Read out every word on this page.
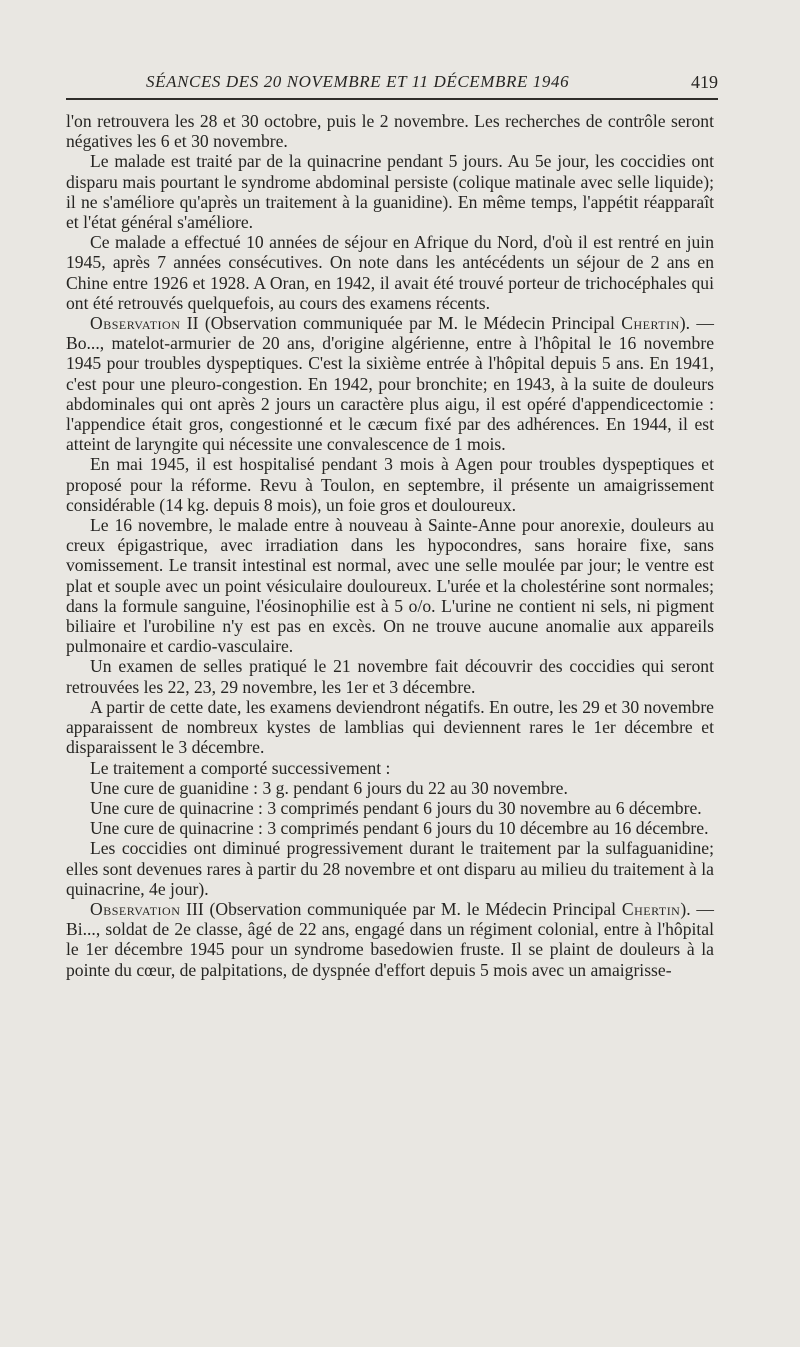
SÉANCES DES 20 NOVEMBRE ET 11 DÉCEMBRE 1946	419

l'on retrouvera les 28 et 30 octobre, puis le 2 novembre. Les recherches de contrôle seront négatives les 6 et 30 novembre.

Le malade est traité par de la quinacrine pendant 5 jours. Au 5e jour, les coccidies ont disparu mais pourtant le syndrome abdominal persiste (colique matinale avec selle liquide); il ne s'améliore qu'après un traitement à la guanidine). En même temps, l'appétit réapparaît et l'état général s'améliore.

Ce malade a effectué 10 années de séjour en Afrique du Nord, d'où il est rentré en juin 1945, après 7 années consécutives. On note dans les antécédents un séjour de 2 ans en Chine entre 1926 et 1928. A Oran, en 1942, il avait été trouvé porteur de trichocéphales qui ont été retrouvés quelquefois, au cours des examens récents.

Observation II (Observation communiquée par M. le Médecin Principal Chertin). — Bo..., matelot-armurier de 20 ans, d'origine algérienne, entre à l'hôpital le 16 novembre 1945 pour troubles dyspeptiques. C'est la sixième entrée à l'hôpital depuis 5 ans. En 1941, c'est pour une pleuro-congestion. En 1942, pour bronchite; en 1943, à la suite de douleurs abdominales qui ont après 2 jours un caractère plus aigu, il est opéré d'appendicectomie : l'appendice était gros, congestionné et le cæcum fixé par des adhérences. En 1944, il est atteint de laryngite qui nécessite une convalescence de 1 mois.

En mai 1945, il est hospitalisé pendant 3 mois à Agen pour troubles dyspeptiques et proposé pour la réforme. Revu à Toulon, en septembre, il présente un amaigrissement considérable (14 kg. depuis 8 mois), un foie gros et douloureux.

Le 16 novembre, le malade entre à nouveau à Sainte-Anne pour anorexie, douleurs au creux épigastrique, avec irradiation dans les hypocondres, sans horaire fixe, sans vomissement. Le transit intestinal est normal, avec une selle moulée par jour; le ventre est plat et souple avec un point vésiculaire douloureux. L'urée et la cholestérine sont normales; dans la formule sanguine, l'éosinophilie est à 5 o/o. L'urine ne contient ni sels, ni pigment biliaire et l'urobiline n'y est pas en excès. On ne trouve aucune anomalie aux appareils pulmonaire et cardio-vasculaire.

Un examen de selles pratiqué le 21 novembre fait découvrir des coccidies qui seront retrouvées les 22, 23, 29 novembre, les 1er et 3 décembre.

A partir de cette date, les examens deviendront négatifs. En outre, les 29 et 30 novembre apparaissent de nombreux kystes de lamblias qui deviennent rares le 1er décembre et disparaissent le 3 décembre.

Le traitement a comporté successivement :

Une cure de guanidine : 3 g. pendant 6 jours du 22 au 30 novembre.

Une cure de quinacrine : 3 comprimés pendant 6 jours du 30 novembre au 6 décembre.

Une cure de quinacrine : 3 comprimés pendant 6 jours du 10 décembre au 16 décembre.

Les coccidies ont diminué progressivement durant le traitement par la sulfaguanidine; elles sont devenues rares à partir du 28 novembre et ont disparu au milieu du traitement à la quinacrine, 4e jour).

Observation III (Observation communiquée par M. le Médecin Principal Chertin). — Bi..., soldat de 2e classe, âgé de 22 ans, engagé dans un régiment colonial, entre à l'hôpital le 1er décembre 1945 pour un syndrome basedowien fruste. Il se plaint de douleurs à la pointe du cœur, de palpitations, de dyspnée d'effort depuis 5 mois avec un amaigrisse-
